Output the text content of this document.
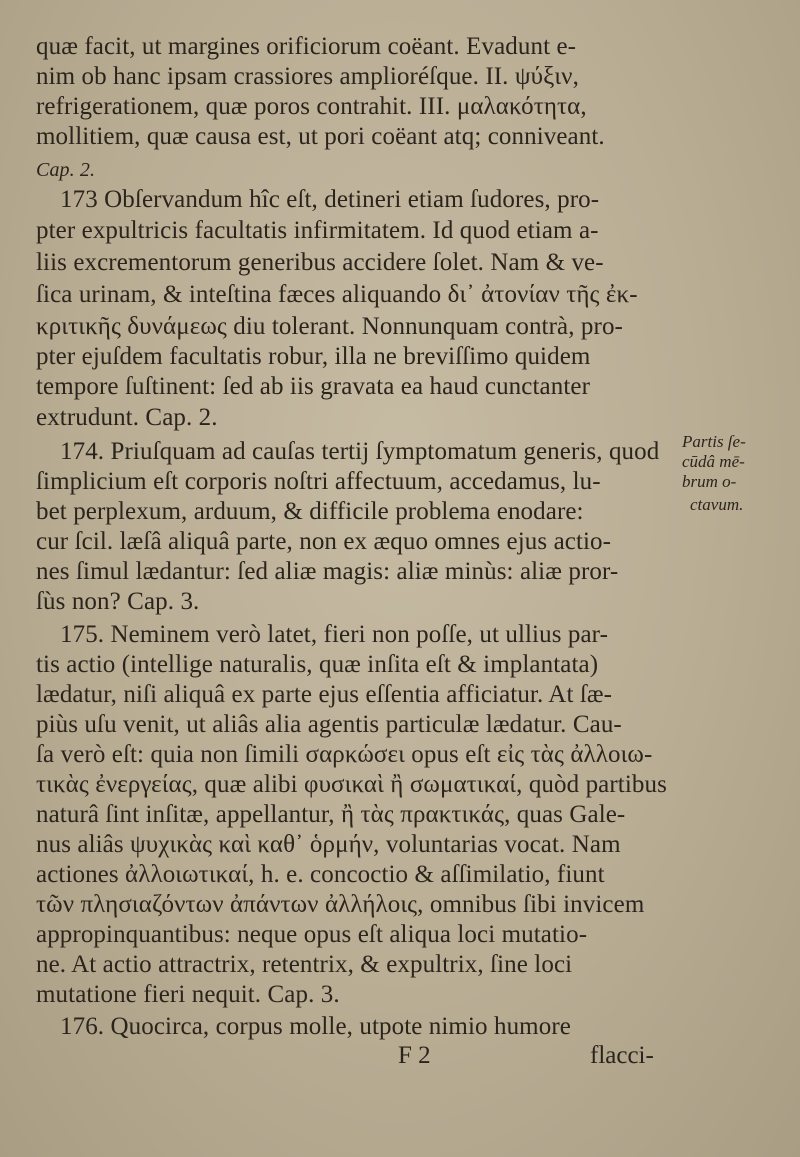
quæ facit, ut margines orificiorum coëant. Evadunt e-
nim ob hanc ipsam crassiores amplioréſque. II. ψύξιν,
refrigerationem, quæ poros contrahit. III. μαλακότητα,
mollitiem, quæ causa est, ut pori coëant atq; conniveant.
Cap. 2.
173 Obſervandum hîc eſt, detineri etiam ſudores, pro-
pter expultricis facultatis infirmitatem. Id quod etiam a-
liis excrementorum generibus accidere ſolet. Nam & ve-
ſica urinam, & inteſtina fæces aliquando δι᾽ ἀτονίαν τῆς ἐκ-
κριτικῆς δυνάμεως diu tolerant. Nonnunquam contrà, pro-
pter ejuſdem facultatis robur, illa ne breviſſimo quidem
tempore ſuſtinent: ſed ab iis gravata ea haud cunctanter
extrudunt. Cap. 2.
174. Priuſquam ad cauſas tertij ſymptomatum generis, quod
ſimplicium eſt corporis noſtri affectuum, accedamus, lu-
bet perplexum, arduum, & difficile problema enodare:
cur ſcil. læſâ aliquâ parte, non ex æquo omnes ejus actio-
nes ſimul lædantur: ſed aliæ magis: aliæ minùs: aliæ pror-
ſùs non? Cap. 3.
175. Neminem verò latet, fieri non poſſe, ut ullius par-
tis actio (intellige naturalis, quæ inſita eſt & implantata)
lædatur, niſi aliquâ ex parte ejus eſſentia afficiatur. At ſæ-
piùs uſu venit, ut aliâs alia agentis particulæ lædatur. Cau-
ſa verò eſt: quia non ſimili σαρκώσει opus eſt εἰς τὰς ἀλλοιω-
τικὰς ἐνεργείας, quæ alibi φυσικαὶ ἢ σωματικαί, quòd partibus
naturâ ſint inſitæ, appellantur, ἢ τὰς πρακτικάς, quas Gale-
nus aliâs ψυχικὰς καὶ καθ᾽ ὁρμήν, voluntarias vocat. Nam
actiones ἀλλοιωτικαί, h. e. concoctio & aſſimilatio, fiunt
τῶν πλησιαζόντων ἀπάντων ἀλλήλοις, omnibus ſibi invicem
appropinquantibus: neque opus eſt aliqua loci mutatio-
ne. At actio attractrix, retentrix, & expultrix, ſine loci
mutatione fieri nequit. Cap. 3.
176. Quocirca, corpus molle, utpote nimio humore
Partis ſe-
cūdâ mē-
brum o-
ctavum.
F 2	flacci-
